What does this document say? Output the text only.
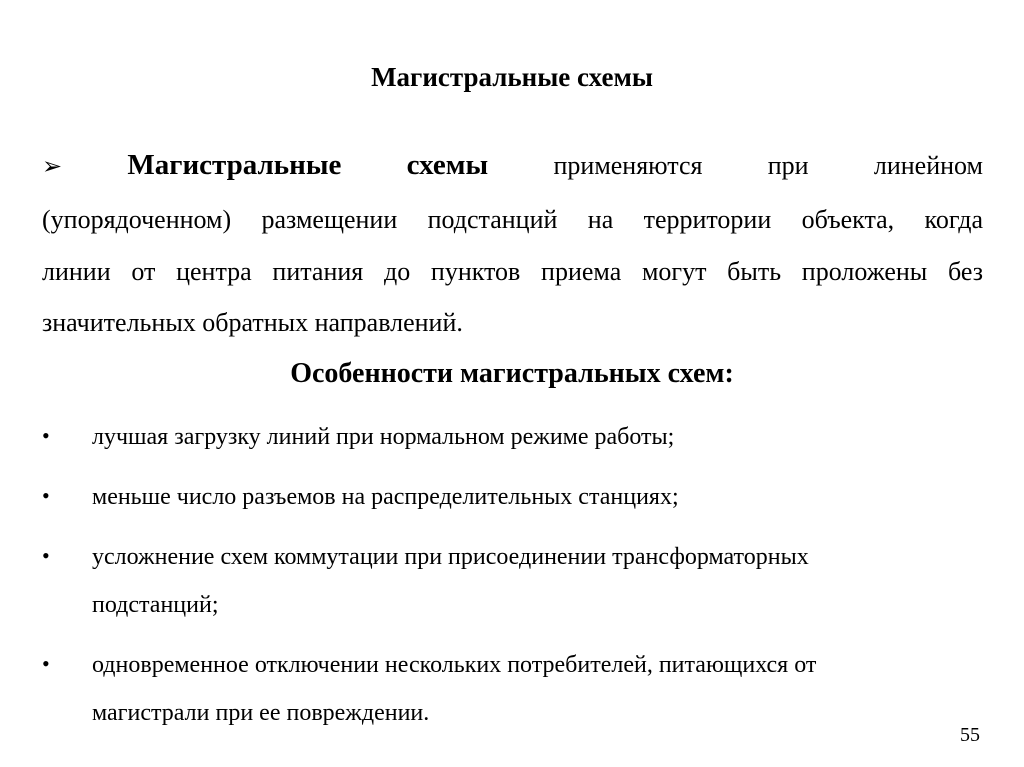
Магистральные схемы
➢ Магистральные схемы	применяются при линейном
(упорядоченном) размещении подстанций на территории объекта, когда
линии от центра питания до пунктов приема могут быть проложены без
значительных обратных направлений.
Особенности магистральных схем:
• лучшая загрузку линий при нормальном режиме работы;
• меньше число разъемов на распределительных станциях;
• усложнение схем коммутации при присоединении трансформаторных
подстанций;
• одновременное отключении нескольких потребителей, питающихся от
магистрали при ее повреждении.
55
